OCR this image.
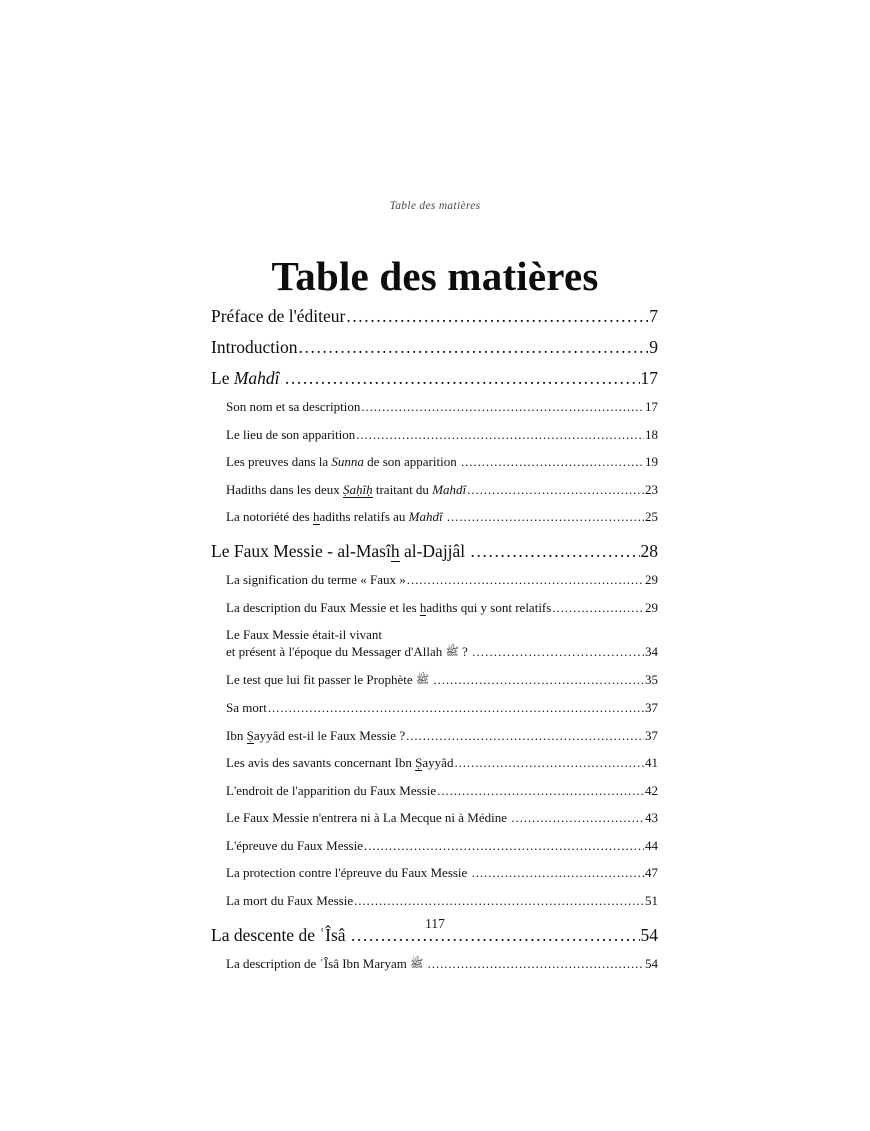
Table des matières
Table des matières
Préface de l'éditeur .....	7
Introduction .....	9
Le Mahdî .....	17
Son nom et sa description .....	17
Le lieu de son apparition .....	18
Les preuves dans la Sunna de son apparition .....	19
Hadiths dans les deux Ṣaḥîḥ traitant du Mahdî .....	23
La notoriété des hadiths relatifs au Mahdî .....	25
Le Faux Messie - al-Masîh al-Dajjâl .....	28
La signification du terme « Faux » .....	29
La description du Faux Messie et les hadiths qui y sont relatifs .....	29
Le Faux Messie était-il vivant
et présent à l'époque du Messager d'Allah ﷺ ? .....	34
Le test que lui fit passer le Prophète ﷺ .....	35
Sa mort .....	37
Ibn Ṣayyâd est-il le Faux Messie ? .....	37
Les avis des savants concernant Ibn Ṣayyâd .....	41
L'endroit de l'apparition du Faux Messie .....	42
Le Faux Messie n'entrera ni à La Mecque ni à Médine .....	43
L'épreuve du Faux Messie .....	44
La protection contre l'épreuve du Faux Messie .....	47
La mort du Faux Messie .....	51
La descente de ʿÎsâ .....	54
La description de ʿÎsâ Ibn Maryam ﷺ .....	54
117
